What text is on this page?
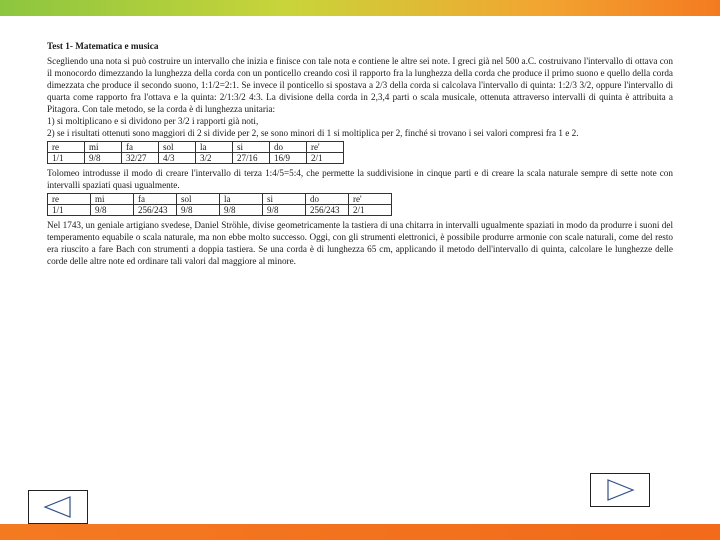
Test 1- Matematica e musica

Scegliendo una nota si può costruire un intervallo che inizia e finisce con tale nota e contiene le altre sei note. I greci già nel 500 a.C. costruivano l'intervallo di ottava con il monocordo dimezzando la lunghezza della corda con un ponticello creando così il rapporto fra la lunghezza della corda che produce il primo suono e quello della corda dimezzata che produce il secondo suono, 1:1/2=2:1. Se invece il ponticello si spostava a 2/3 della corda si calcolava l'intervallo di quinta: 1:2/3 3/2, oppure l'intervallo di quarta come rapporto fra l'ottava e la quinta: 2/1:3/2 4:3. La divisione della corda in 2,3,4 parti o scala musicale, ottenuta attraverso intervalli di quinta è attribuita a Pitagora. Con tale metodo, se la corda è di lunghezza unitaria:

1) si moltiplicano e si dividono per 3/2 i rapporti già noti,

2) se i risultati ottenuti sono maggiori di 2 si divide per 2, se sono minori di 1 si moltiplica per 2, finché si trovano i sei valori compresi fra 1 e 2.

re	mi	fa	sol	la	si	do	re'
1/1	9/8	32/27	4/3	3/2	27/16	16/9	2/1

Tolomeo introdusse il modo di creare l'intervallo di terza 1:4/5=5:4, che permette la suddivisione in cinque parti e di creare la scala naturale sempre di sette note con intervalli spaziati quasi ugualmente.

re	mi	fa	sol	la	si	do	re'
1/1	9/8	256/243	9/8	9/8	9/8	256/243	2/1

Nel 1743, un geniale artigiano svedese, Daniel Ströhle, divise geometricamente la tastiera di una chitarra in intervalli ugualmente spaziati in modo da produrre i suoni del temperamento equabile o scala naturale, ma non ebbe molto successo. Oggi, con gli strumenti elettronici, è possibile produrre armonie con scale naturali, come del resto era riuscito a fare Bach con strumenti a doppia tastiera. Se una corda è di lunghezza 65 cm, applicando il metodo dell'intervallo di quinta, calcolare le lunghezze delle corde delle altre note ed ordinare tali valori dal maggiore al minore.
